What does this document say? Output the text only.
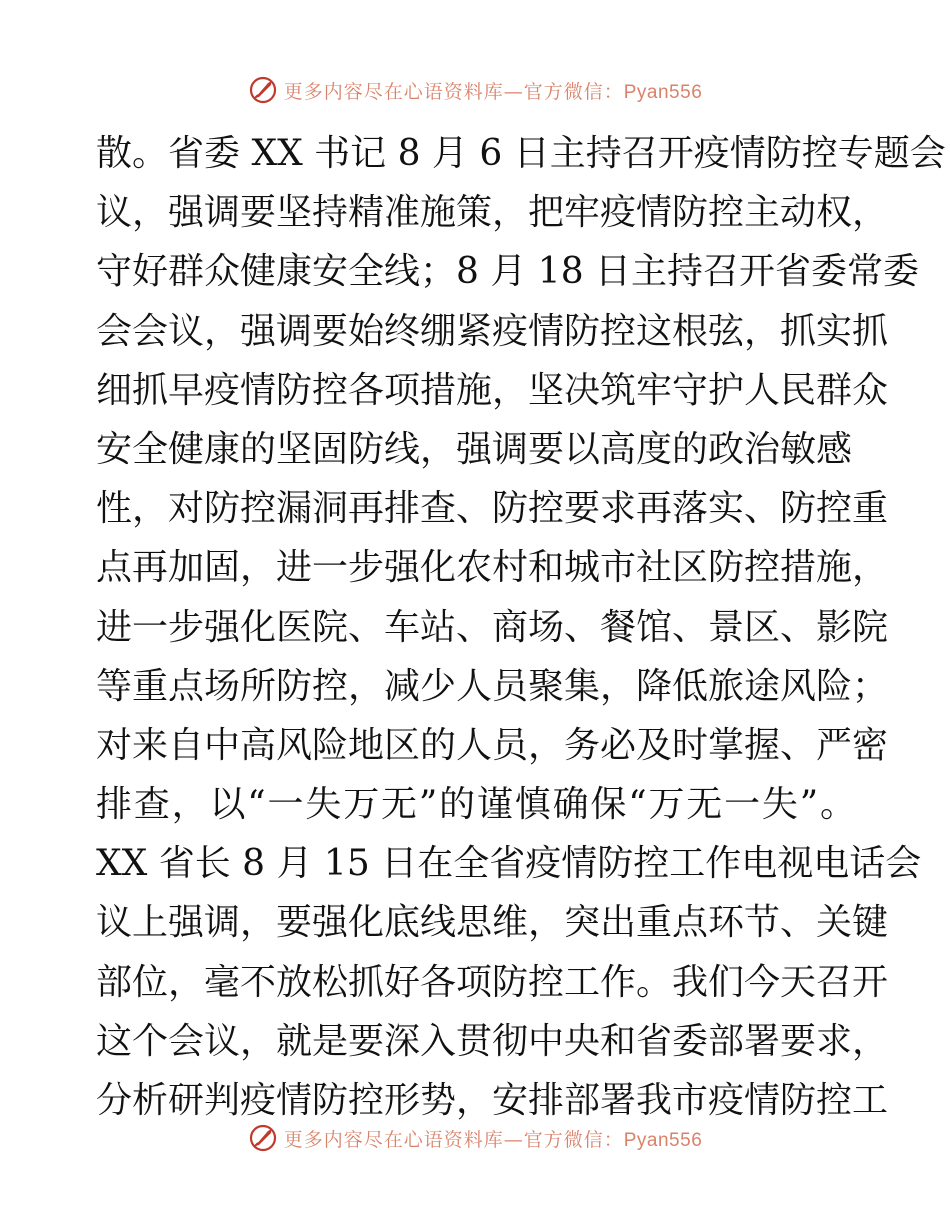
更多内容尽在心语资料库—官方微信：Pyan556
散。省委 XX 书记 8 月 6 日主持召开疫情防控专题会
议，强调要坚持精准施策，把牢疫情防控主动权，
守好群众健康安全线；8 月 18 日主持召开省委常委
会会议，强调要始终绷紧疫情防控这根弦，抓实抓
细抓早疫情防控各项措施，坚决筑牢守护人民群众
安全健康的坚固防线，强调要以高度的政治敏感
性，对防控漏洞再排查、防控要求再落实、防控重
点再加固，进一步强化农村和城市社区防控措施，
进一步强化医院、车站、商场、餐馆、景区、影院
等重点场所防控，减少人员聚集，降低旅途风险；
对来自中高风险地区的人员，务必及时掌握、严密
排查，以“一失万无”的谨慎确保“万无一失”。
XX 省长 8 月 15 日在全省疫情防控工作电视电话会
议上强调，要强化底线思维，突出重点环节、关键
部位，毫不放松抓好各项防控工作。我们今天召开
这个会议，就是要深入贯彻中央和省委部署要求，
分析研判疫情防控形势，安排部署我市疫情防控工
更多内容尽在心语资料库—官方微信：Pyan556
